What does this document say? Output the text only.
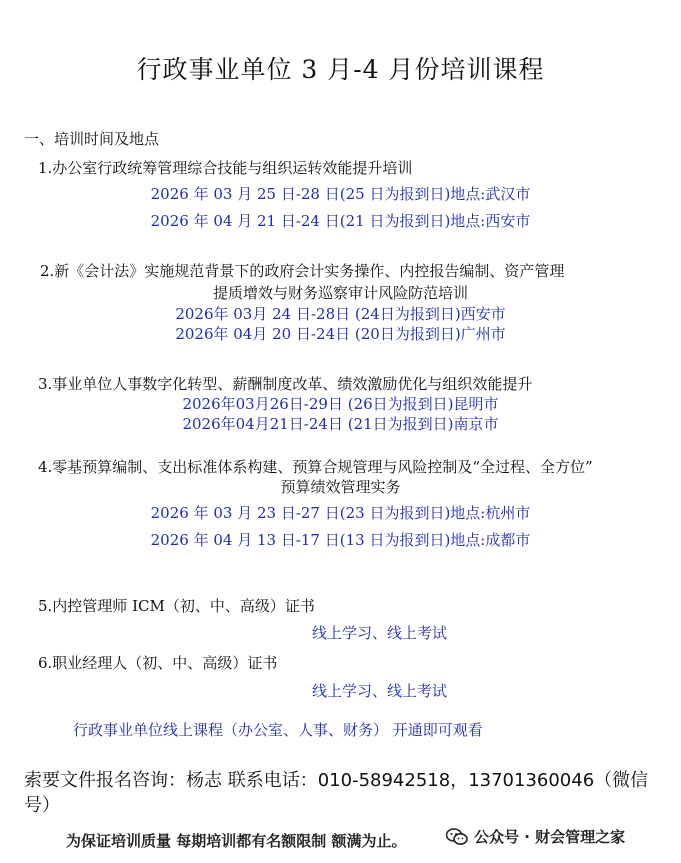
行政事业单位 3 月-4 月份培训课程
一、培训时间及地点
1.办公室行政统筹管理综合技能与组织运转效能提升培训
2026 年 03 月 25 日-28 日(25 日为报到日)地点:武汉市
2026 年 04 月 21 日-24 日(21 日为报到日)地点:西安市
2.新《会计法》实施规范背景下的政府会计实务操作、内控报告编制、资产管理
提质增效与财务巡察审计风险防范培训
2026年 03月 24 日-28日 (24日为报到日)西安市
2026年 04月 20 日-24日 (20日为报到日)广州市
3.事业单位人事数字化转型、薪酬制度改革、绩效激励优化与组织效能提升
2026年03月26日-29日 (26日为报到日)昆明市
2026年04月21日-24日 (21日为报到日)南京市
4.零基预算编制、支出标准体系构建、预算合规管理与风险控制及“全过程、全方位”
预算绩效管理实务
2026 年 03 月 23 日-27 日(23 日为报到日)地点:杭州市
2026 年 04 月 13 日-17 日(13 日为报到日)地点:成都市
5.内控管理师 ICM（初、中、高级）证书
线上学习、线上考试
6.职业经理人（初、中、高级）证书
线上学习、线上考试
行政事业单位线上课程（办公室、人事、财务） 开通即可观看
索要文件报名咨询：杨志 联系电话：010-58942518，13701360046（微信号）
为保证培训质量 每期培训都有名额限制 额满为止。	公众号 · 财会管理之家
